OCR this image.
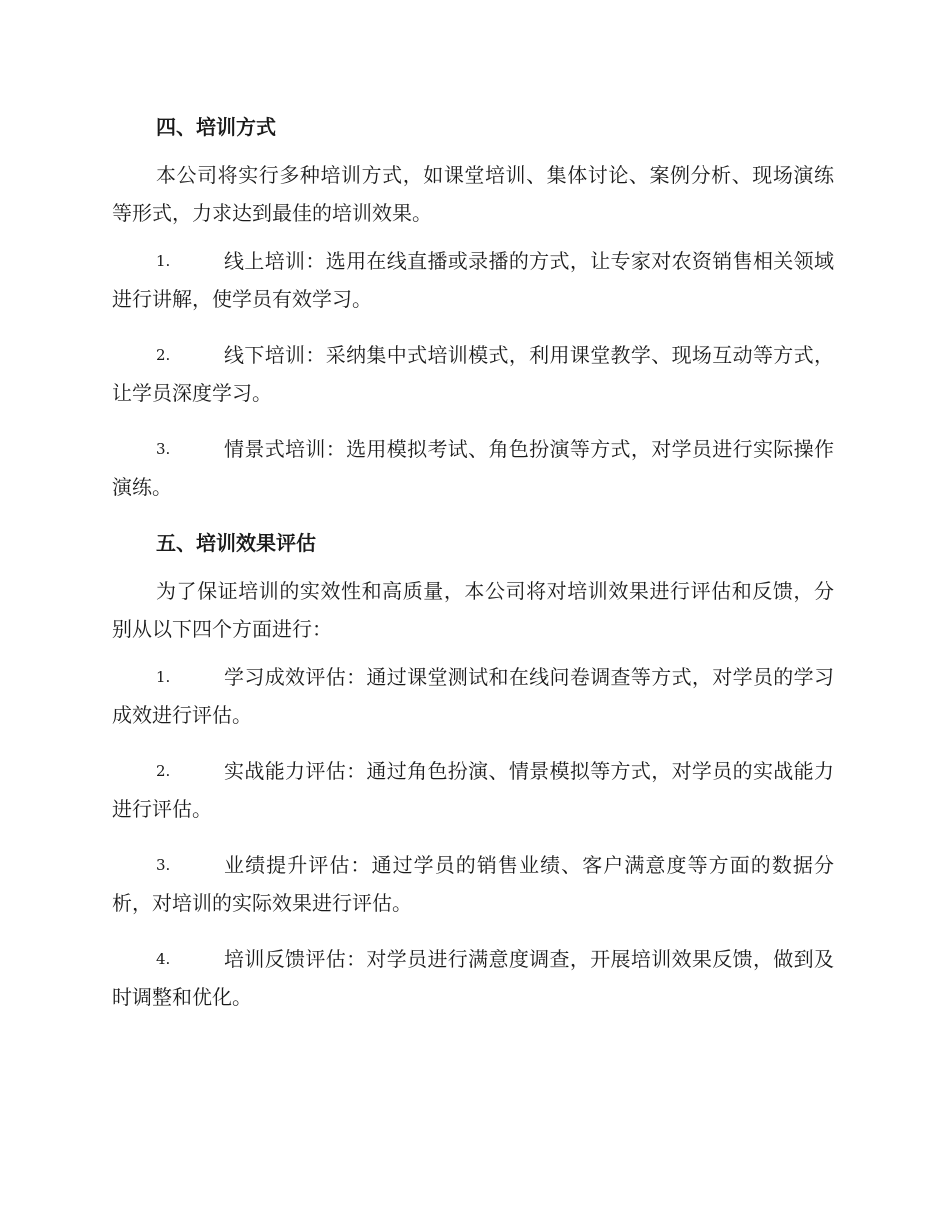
四、培训方式

本公司将实行多种培训方式，如课堂培训、集体讨论、案例分析、现场演练等形式，力求达到最佳的培训效果。

1.	线上培训：选用在线直播或录播的方式，让专家对农资销售相关领域进行讲解，使学员有效学习。
2.	线下培训：采纳集中式培训模式，利用课堂教学、现场互动等方式，让学员深度学习。
3.	情景式培训：选用模拟考试、角色扮演等方式，对学员进行实际操作演练。

五、培训效果评估

为了保证培训的实效性和高质量，本公司将对培训效果进行评估和反馈，分别从以下四个方面进行：

1.	学习成效评估：通过课堂测试和在线问卷调查等方式，对学员的学习成效进行评估。
2.	实战能力评估：通过角色扮演、情景模拟等方式，对学员的实战能力进行评估。
3.	业绩提升评估：通过学员的销售业绩、客户满意度等方面的数据分析，对培训的实际效果进行评估。
4.	培训反馈评估：对学员进行满意度调查，开展培训效果反馈，做到及时调整和优化。
